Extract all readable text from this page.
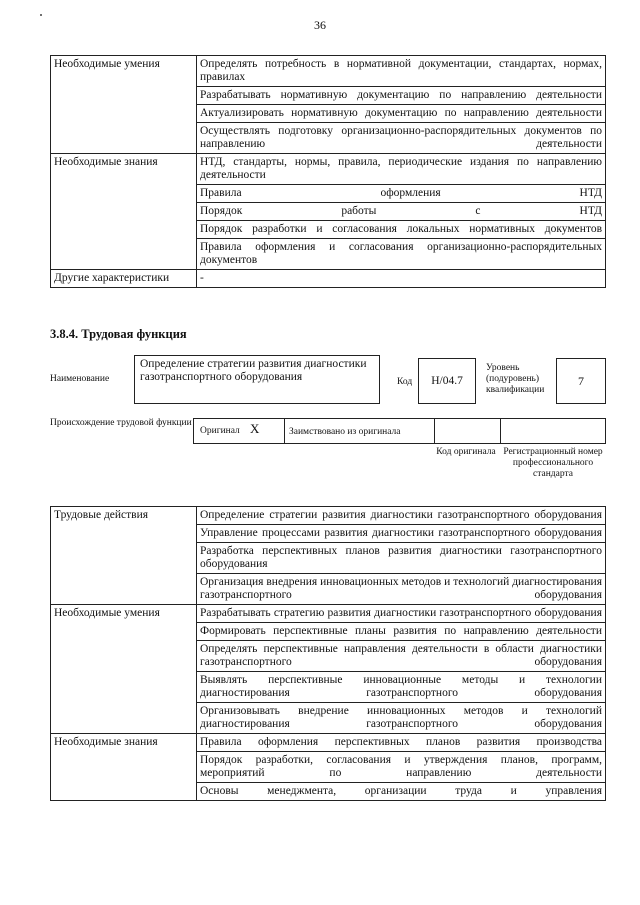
36
Необходимые умения	Определять потребность в нормативной документации, стандартах, нормах, правилах
	Разрабатывать нормативную документацию по направлению деятельности
	Актуализировать нормативную документацию по направлению деятельности
	Осуществлять подготовку организационно-распорядительных документов по направлению деятельности
Необходимые знания	НТД, стандарты, нормы, правила, периодические издания по направлению деятельности
	Правила оформления НТД
	Порядок работы с НТД
	Порядок разработки и согласования локальных нормативных документов
	Правила оформления и согласования организационно-распорядительных документов
Другие характеристики	-
3.8.4. Трудовая функция
Наименование
Определение стратегии развития диагностики газотранспортного оборудования	Код	Н/04.7
Уровень (подуровень) квалификации
7
Происхождение трудовой функции
Оригинал X	Заимствовано из оригинала
Код оригинала Регистрационный номер профессионального стандарта
Трудовые действия	Определение стратегии развития диагностики газотранспортного оборудования
	Управление процессами развития диагностики газотранспортного оборудования
	Разработка перспективных планов развития диагностики газотранспортного оборудования
	Организация внедрения инновационных методов и технологий диагностирования газотранспортного оборудования
Необходимые умения	Разрабатывать стратегию развития диагностики газотранспортного оборудования
	Формировать перспективные планы развития по направлению деятельности
	Определять перспективные направления деятельности в области диагностики газотранспортного оборудования
	Выявлять перспективные инновационные методы и технологии диагностирования газотранспортного оборудования
	Организовывать внедрение инновационных методов и технологий диагностирования газотранспортного оборудования
Необходимые знания	Правила оформления перспективных планов развития производства
	Порядок разработки, согласования и утверждения планов, программ, мероприятий по направлению деятельности
	Основы менеджмента, организации труда и управления
